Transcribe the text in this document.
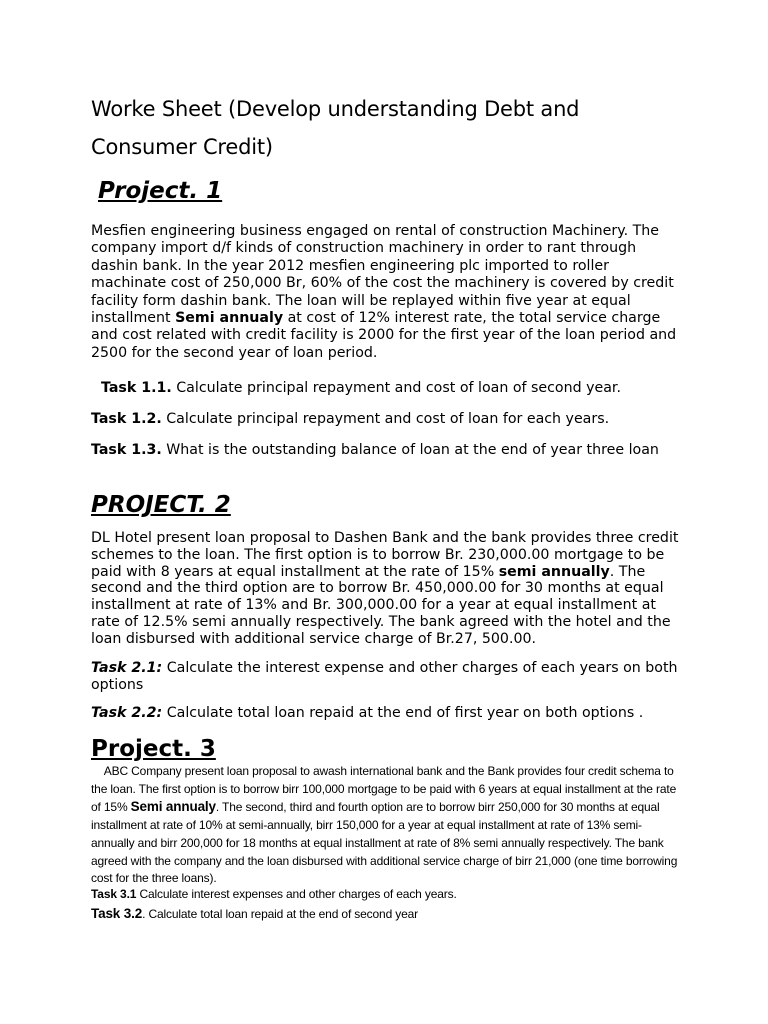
Worke Sheet (Develop understanding Debt and
Consumer Credit)
Project. 1
Mesfien engineering business engaged on rental of construction Machinery. The company import d/f kinds of construction machinery in order to rant through dashin bank. In the year 2012 mesfien engineering plc imported to roller machinate cost of 250,000 Br, 60% of the cost the machinery is covered by credit facility form dashin bank. The loan will be replayed within five year at equal installment Semi annualy at cost of 12% interest rate, the total service charge and cost related with credit facility is 2000 for the first year of the loan period and 2500 for the second year of loan period.
Task 1.1. Calculate principal repayment and cost of loan of second year.
Task 1.2. Calculate principal repayment and cost of loan for each years.
Task 1.3. What is the outstanding balance of loan at the end of year three loan
PROJECT. 2
DL Hotel present loan proposal to Dashen Bank and the bank provides three credit schemes to the loan. The first option is to borrow Br. 230,000.00 mortgage to be paid with 8 years at equal installment at the rate of 15% semi annually. The second and the third option are to borrow Br. 450,000.00 for 30 months at equal installment at rate of 13% and Br. 300,000.00 for a year at equal installment at rate of 12.5% semi annually respectively. The bank agreed with the hotel and the loan disbursed with additional service charge of Br.27, 500.00.
Task 2.1: Calculate the interest expense and other charges of each years on both options
Task 2.2: Calculate total loan repaid at the end of first year on both options .
Project. 3
ABC Company present loan proposal to awash international bank and the Bank provides four credit schema to the loan. The first option is to borrow birr 100,000 mortgage to be paid with 6 years at equal installment at the rate of 15% Semi annualy. The second, third and fourth option are to borrow birr 250,000 for 30 months at equal installment at rate of 10% at semi-annually, birr 150,000 for a year at equal installment at rate of 13% semi-annually and birr 200,000 for 18 months at equal installment at rate of 8% semi annually respectively. The bank agreed with the company and the loan disbursed with additional service charge of birr 21,000 (one time borrowing cost for the three loans).
Task 3.1 Calculate interest expenses and other charges of each years.
Task 3.2. Calculate total loan repaid at the end of second year
